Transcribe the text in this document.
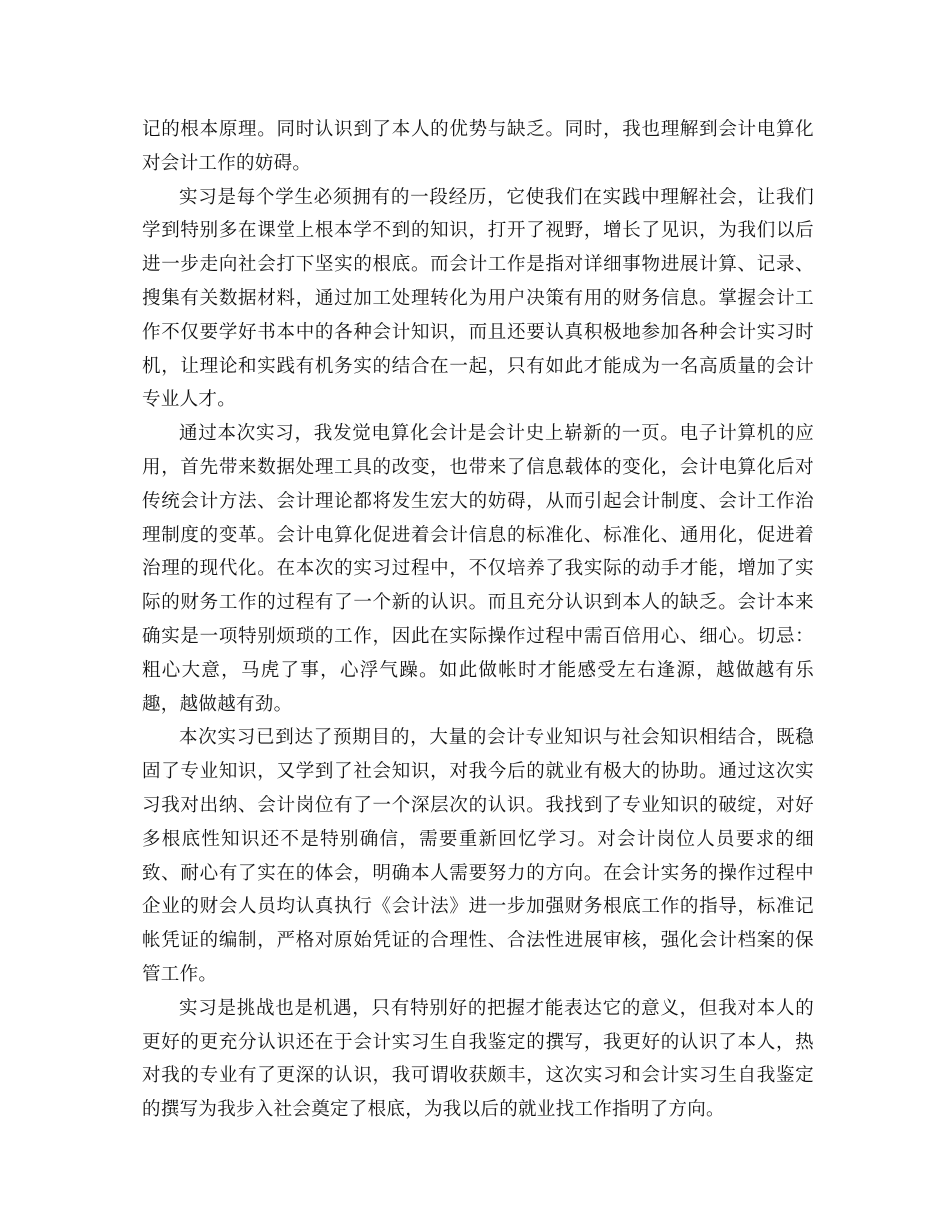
记的根本原理。同时认识到了本人的优势与缺乏。同时，我也理解到会计电算化对会计工作的妨碍。

实习是每个学生必须拥有的一段经历，它使我们在实践中理解社会，让我们学到特别多在课堂上根本学不到的知识，打开了视野，增长了见识，为我们以后进一步走向社会打下坚实的根底。而会计工作是指对详细事物进展计算、记录、搜集有关数据材料，通过加工处理转化为用户决策有用的财务信息。掌握会计工作不仅要学好书本中的各种会计知识，而且还要认真积极地参加各种会计实习时机，让理论和实践有机务实的结合在一起，只有如此才能成为一名高质量的会计专业人才。

通过本次实习，我发觉电算化会计是会计史上崭新的一页。电子计算机的应用，首先带来数据处理工具的改变，也带来了信息载体的变化，会计电算化后对传统会计方法、会计理论都将发生宏大的妨碍，从而引起会计制度、会计工作治理制度的变革。会计电算化促进着会计信息的标准化、标准化、通用化，促进着治理的现代化。在本次的实习过程中，不仅培养了我实际的动手才能，增加了实际的财务工作的过程有了一个新的认识。而且充分认识到本人的缺乏。会计本来确实是一项特别烦琐的工作，因此在实际操作过程中需百倍用心、细心。切忌：粗心大意，马虎了事，心浮气躁。如此做帐时才能感受左右逢源，越做越有乐趣，越做越有劲。

本次实习已到达了预期目的，大量的会计专业知识与社会知识相结合，既稳固了专业知识，又学到了社会知识，对我今后的就业有极大的协助。通过这次实习我对出纳、会计岗位有了一个深层次的认识。我找到了专业知识的破绽，对好多根底性知识还不是特别确信，需要重新回忆学习。对会计岗位人员要求的细致、耐心有了实在的体会，明确本人需要努力的方向。在会计实务的操作过程中企业的财会人员均认真执行《会计法》进一步加强财务根底工作的指导，标准记帐凭证的编制，严格对原始凭证的合理性、合法性进展审核，强化会计档案的保管工作。

实习是挑战也是机遇，只有特别好的把握才能表达它的意义，但我对本人的更好的更充分认识还在于会计实习生自我鉴定的撰写，我更好的认识了本人，热对我的专业有了更深的认识，我可谓收获颇丰，这次实习和会计实习生自我鉴定的撰写为我步入社会奠定了根底，为我以后的就业找工作指明了方向。
